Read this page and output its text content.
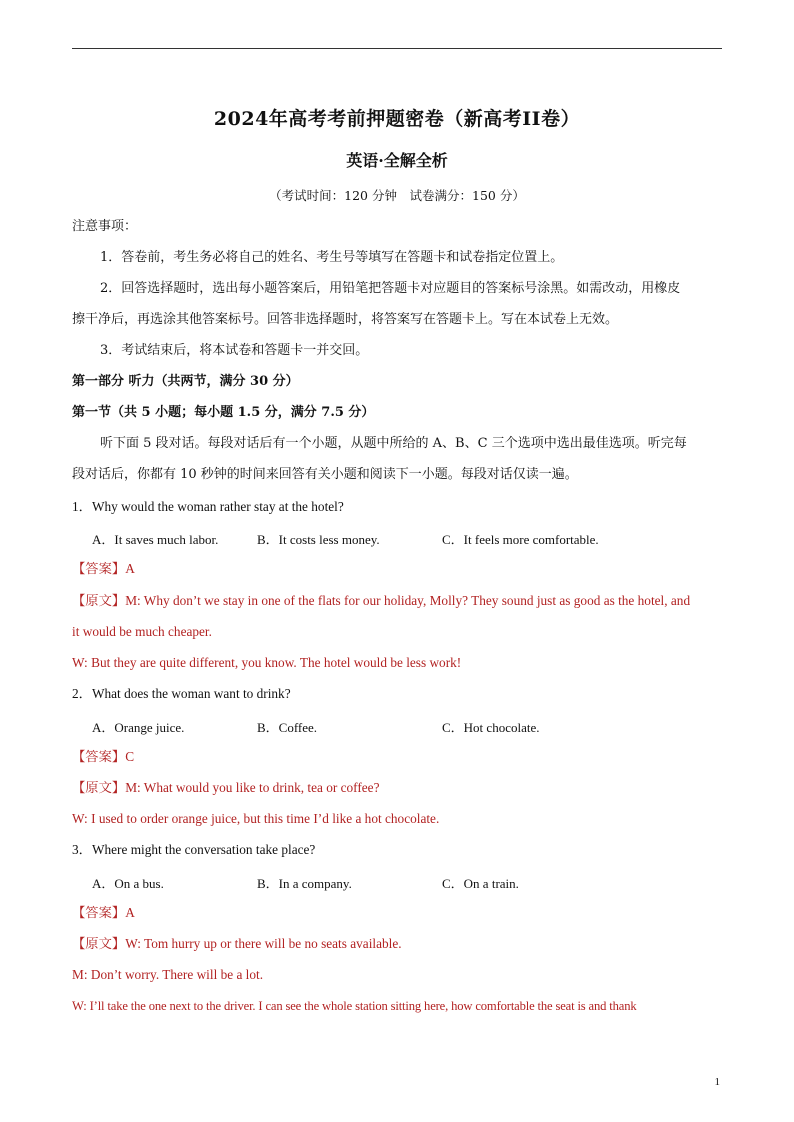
2024年高考考前押题密卷（新高考II卷）
英语·全解全析
（考试时间：120 分钟　试卷满分：150 分）
注意事项：
1．答卷前，考生务必将自己的姓名、考生号等填写在答题卡和试卷指定位置上。
2．回答选择题时，选出每小题答案后，用铅笔把答题卡对应题目的答案标号涂黑。如需改动，用橡皮
擦干净后，再选涂其他答案标号。回答非选择题时，将答案写在答题卡上。写在本试卷上无效。
3．考试结束后，将本试卷和答题卡一并交回。
第一部分 听力（共两节，满分 30 分）
第一节（共 5 小题；每小题 1.5 分，满分 7.5 分）
听下面 5 段对话。每段对话后有一个小题，从题中所给的 A、B、C 三个选项中选出最佳选项。听完每
段对话后，你都有 10 秒钟的时间来回答有关小题和阅读下一小题。每段对话仅读一遍。
1．Why would the woman rather stay at the hotel?
A．It saves much labor.	B．It costs less money.	C．It feels more comfortable.
【答案】A
【原文】M: Why don’t we stay in one of the flats for our holiday, Molly? They sound just as good as the hotel, and
it would be much cheaper.
W: But they are quite different, you know. The hotel would be less work!
2．What does the woman want to drink?
A．Orange juice.	B．Coffee.	C．Hot chocolate.
【答案】C
【原文】M: What would you like to drink, tea or coffee?
W: I used to order orange juice, but this time I’d like a hot chocolate.
3．Where might the conversation take place?
A．On a bus.	B．In a company.	C．On a train.
【答案】A
【原文】W: Tom hurry up or there will be no seats available.
M: Don’t worry. There will be a lot.
W: I’ll take the one next to the driver. I can see the whole station sitting here, how comfortable the seat is and thank
1
